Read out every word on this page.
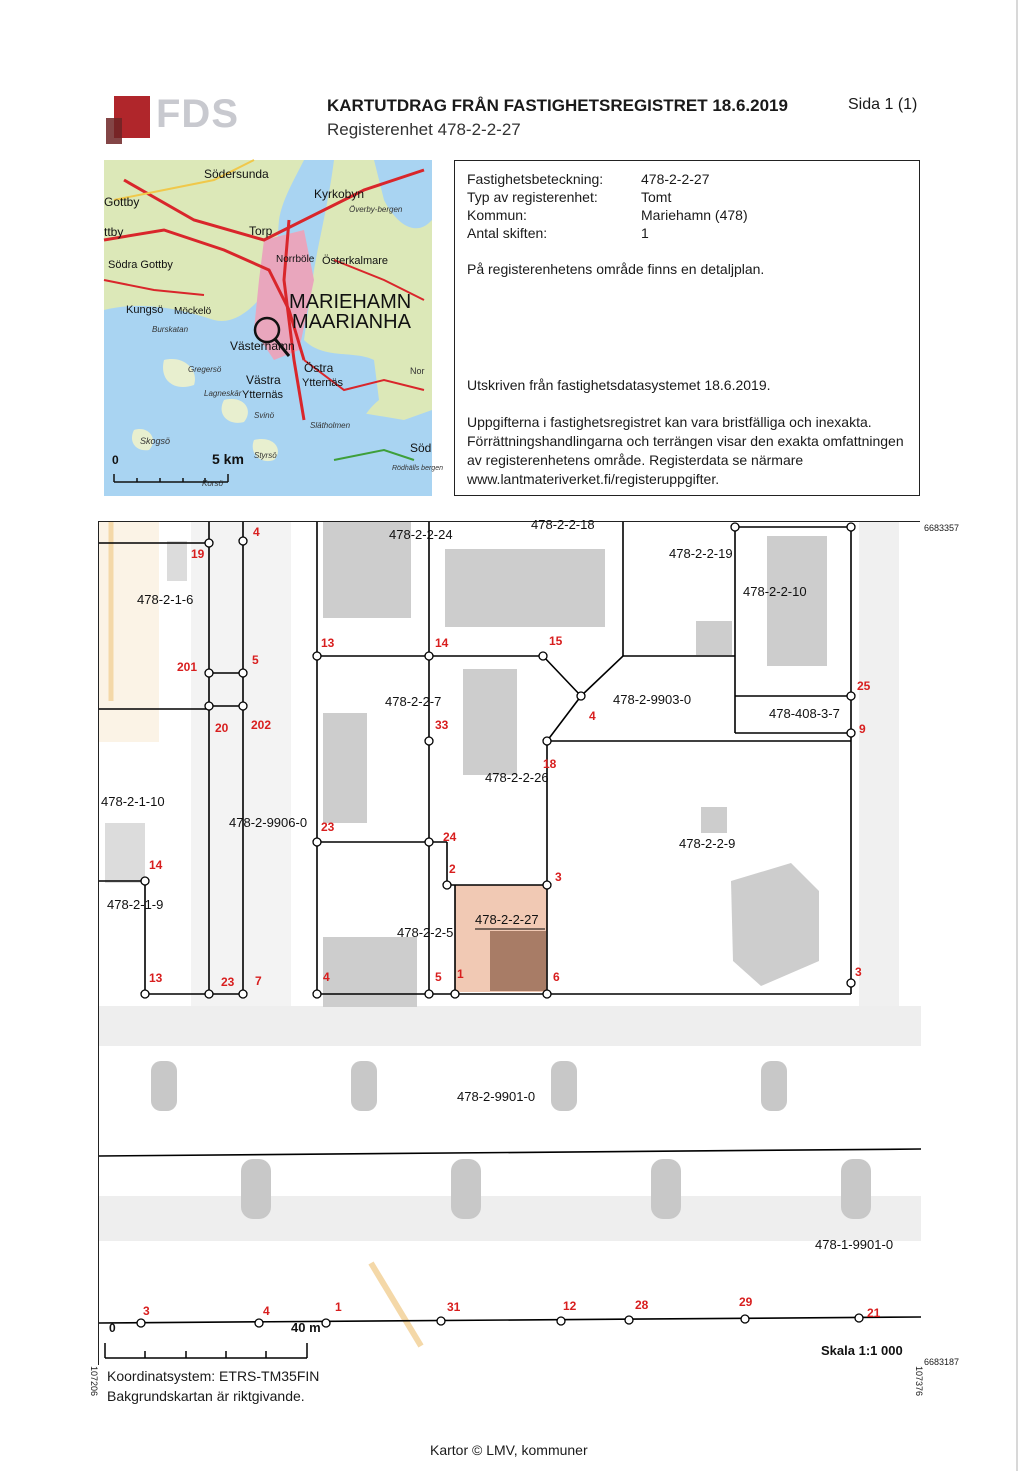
FDS	KARTUTDRAG FRÅN FASTIGHETSREGISTRET 18.6.2019
Registerenhet 478-2-2-27
Sida 1 (1)
Södersunda
Kyrkobyn
Gottby
Överby-bergen
Torp
ttby
Södra Gottby	Norrböle Österkalmare
MARIEHAMN
MAARIANHA
Kungsö Möckelö
Västerhamn
Burskatan
Gregersö	Östra
Ytternäs
Västra
Ytternäs
Lagneskär
Svinö
Skogsö
Slätholmen
Styrsö
Rödhälls bergen
Korsö
Söd
Nor
0	5 km
Fastighetsbeteckning:	478-2-2-27
Typ av registerenhet:	Tomt
Kommun:	Mariehamn (478)
Antal skiften:	1
På registerenhetens område finns en detaljplan.
Utskriven från fastighetsdatasystemet 18.6.2019.
Uppgifterna i fastighetsregistret kan vara bristfälliga och inexakta. Förrättningshandlingarna och terrängen visar den exakta omfattningen av registerenhetens område. Registerdata se närmare www.lantmateriverket.fi/registeruppgifter.
478-2-1-6
478-2-2-24
478-2-2-18
478-2-2-19
478-2-2-10
478-2-2-7	478-2-9903-0
478-408-3-7
478-2-2-26
478-2-1-10
478-2-9906-0
478-2-2-9
478-2-1-9
478-2-2-5
478-2-2-27
478-2-9901-0
478-1-9901-0
19
4
201	5
20 202
13	14	15
33
4
18
25
9
14
23
24
2
3
13	23 7	4	5 1	6	3
3	4	1	31	12	28	29
21
0	40 m
Skala 1:1 000
6683357
6683187
107206	107376
Koordinatsystem: ETRS-TM35FIN
Bakgrundskartan är riktgivande.
Kartor © LMV, kommuner
